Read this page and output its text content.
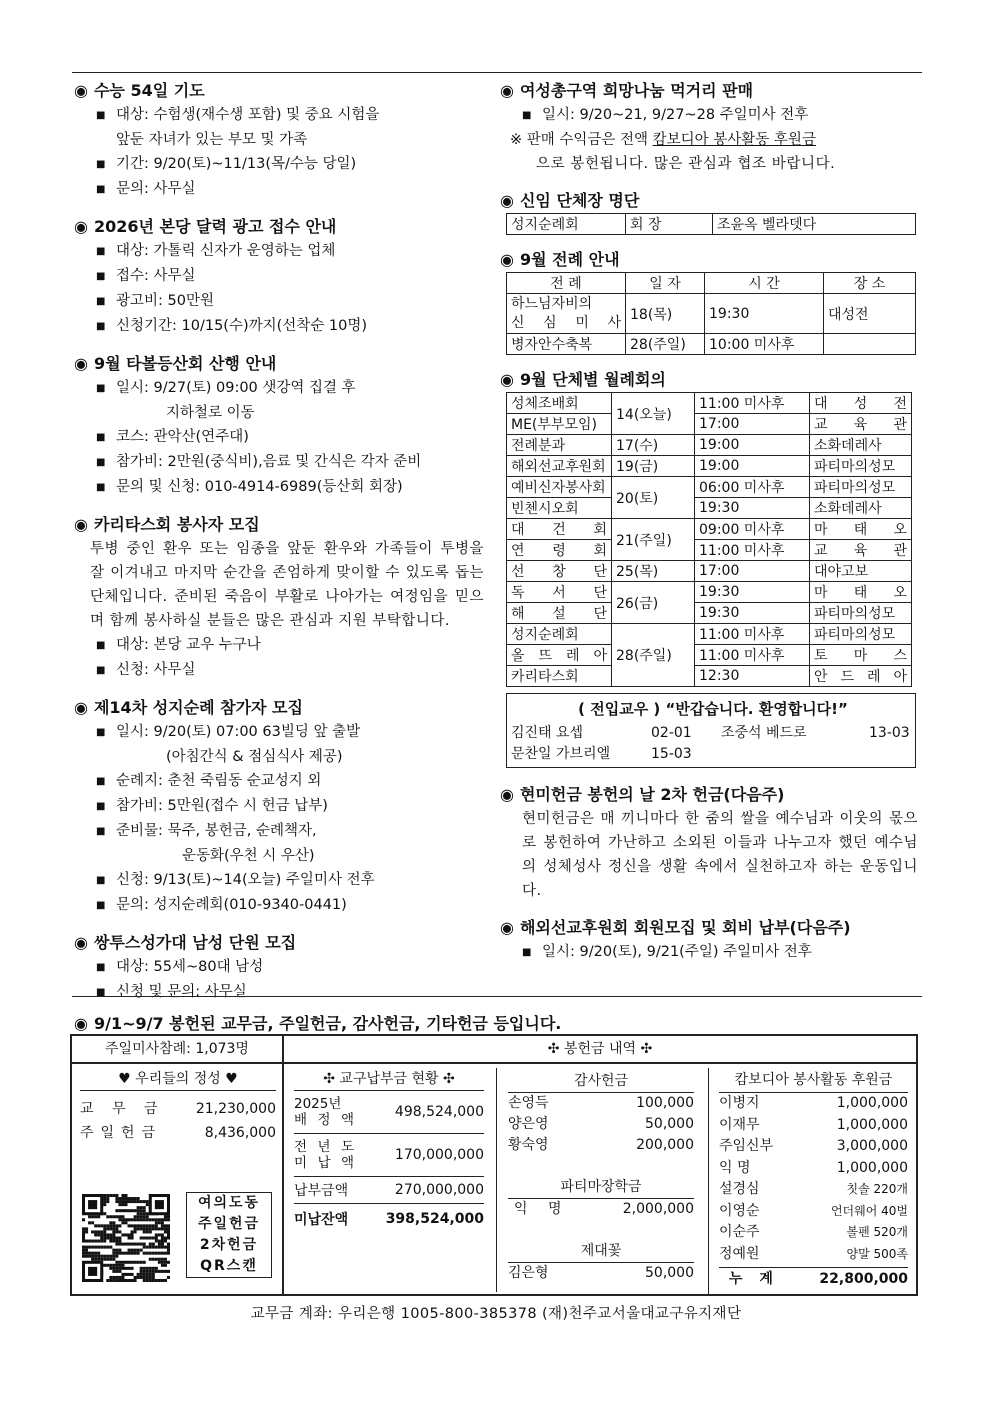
◉ 수능 54일 기도
■ 대상: 수험생(재수생 포함) 및 중요 시험을
앞둔 자녀가 있는 부모 및 가족
■ 기간: 9/20(토)~11/13(목/수능 당일)
■ 문의: 사무실
◉ 2026년 본당 달력 광고 접수 안내
■ 대상: 가톨릭 신자가 운영하는 업체
■ 접수: 사무실
■ 광고비: 50만원
■ 신청기간: 10/15(수)까지(선착순 10명)
◉ 9월 타볼등산회 산행 안내
■ 일시: 9/27(토) 09:00 샛강역 집결 후
지하철로 이동
■ 코스: 관악산(연주대)
■ 참가비: 2만원(중식비),음료 및 간식은 각자 준비
■ 문의 및 신청: 010-4914-6989(등산회 회장)
◉ 카리타스회 봉사자 모집
투병 중인 환우 또는 임종을 앞둔 환우와 가족들이 투병을 잘 이겨내고 마지막 순간을 존엄하게 맞이할 수 있도록 돕는 단체입니다. 준비된 죽음이 부활로 나아가는 여정임을 믿으며 함께 봉사하실 분들은 많은 관심과 지원 부탁합니다.
■ 대상: 본당 교우 누구나
■ 신청: 사무실
◉ 제14차 성지순례 참가자 모집
■ 일시: 9/20(토) 07:00 63빌딩 앞 출발
(아침간식 & 점심식사 제공)
■ 순례지: 춘천 죽림동 순교성지 외
■ 참가비: 5만원(접수 시 헌금 납부)
■ 준비물: 묵주, 봉헌금, 순례책자,
운동화(우천 시 우산)
■ 신청: 9/13(토)~14(오늘) 주일미사 전후
■ 문의: 성지순례회(010-9340-0441)
◉ 쌍투스성가대 남성 단원 모집
■ 대상: 55세~80대 남성
■ 신청 및 문의: 사무실
◉ 여성총구역 희망나눔 먹거리 판매
■ 일시: 9/20~21, 9/27~28 주일미사 전후
※ 판매 수익금은 전액 캄보디아 봉사활동 후원금
으로 봉헌됩니다. 많은 관심과 협조 바랍니다.
◉ 신임 단체장 명단
성지순례회	회 장	조윤옥 벨라뎃다
◉ 9월 전례 안내
전 례	일 자	시 간	장 소

하느님자비의
신 심 미 사	18(목)	19:30	대성전
병자안수축복	28(주일)	10:00 미사후	
◉ 9월 단체별 월례회의
성체조배회	14(오늘)	11:00 미사후	대 성 전
ME(부부모임)		17:00	교 육 관
전례분과	17(수)	19:00	소화데레사
해외선교후원회	19(금)	19:00	파티마의성모
예비신자봉사회	20(토)	06:00 미사후	파티마의성모
빈첸시오회		19:30	소화데레사
대 건 회	21(주일)	09:00 미사후	마 태 오
연 령 회		11:00 미사후	교 육 관
선 창 단	25(목)	17:00	대야고보
독 서 단	26(금)	19:30	마 태 오
해 설 단		19:30	파티마의성모
성지순례회	28(주일)	11:00 미사후	파티마의성모
올 뜨 레 아		11:00 미사후	토 마 스
카리타스회		12:30	안 드 레 아
( 전입교우 ) “반갑습니다. 환영합니다!”
김진태 요셉	02-01	조중석 베드로	13-03
문찬일 가브리엘	15-03
◉ 현미헌금 봉헌의 날 2차 헌금(다음주)
현미헌금은 매 끼니마다 한 줌의 쌀을 예수님과 이웃의 몫으로 봉헌하여 가난하고 소외된 이들과 나누고자 했던 예수님의 성체성사 정신을 생활 속에서 실천하고자 하는 운동입니다.
◉ 해외선교후원회 회원모집 및 회비 납부(다음주)
■ 일시: 9/20(토), 9/21(주일) 주일미사 전후
◉ 9/1~9/7 봉헌된 교무금, 주일헌금, 감사헌금, 기타헌금 등입니다.
주일미사참례: 1,073명	✣ 봉헌금 내역 ✣
♥ 우리들의 정성 ♥
교 무 금 21,230,000
주일헌금	8,436,000
여의도동
주일헌금
2차헌금
QR스캔
✣ 교구납부금 현황 ✣
2025년
배 정 액	498,524,000
전 년 도
미 납 액	170,000,000
납부금액	270,000,000
미납잔액	398,524,000
감사헌금
손영득	100,000
양은영	50,000
황숙영	200,000
파티마장학금
익 명	2,000,000
제대꽃
김은형	50,000
캄보디아 봉사활동 후원금
이병지	1,000,000
이재무	1,000,000
주임신부	3,000,000
익 명	1,000,000
설경심	칫솔 220개
이영순	언더웨어 40벌
이순주	볼펜 520개
정예원	양말 500족
누 계	22,800,000
교무금 계좌: 우리은행 1005-800-385378 (재)천주교서울대교구유지재단
